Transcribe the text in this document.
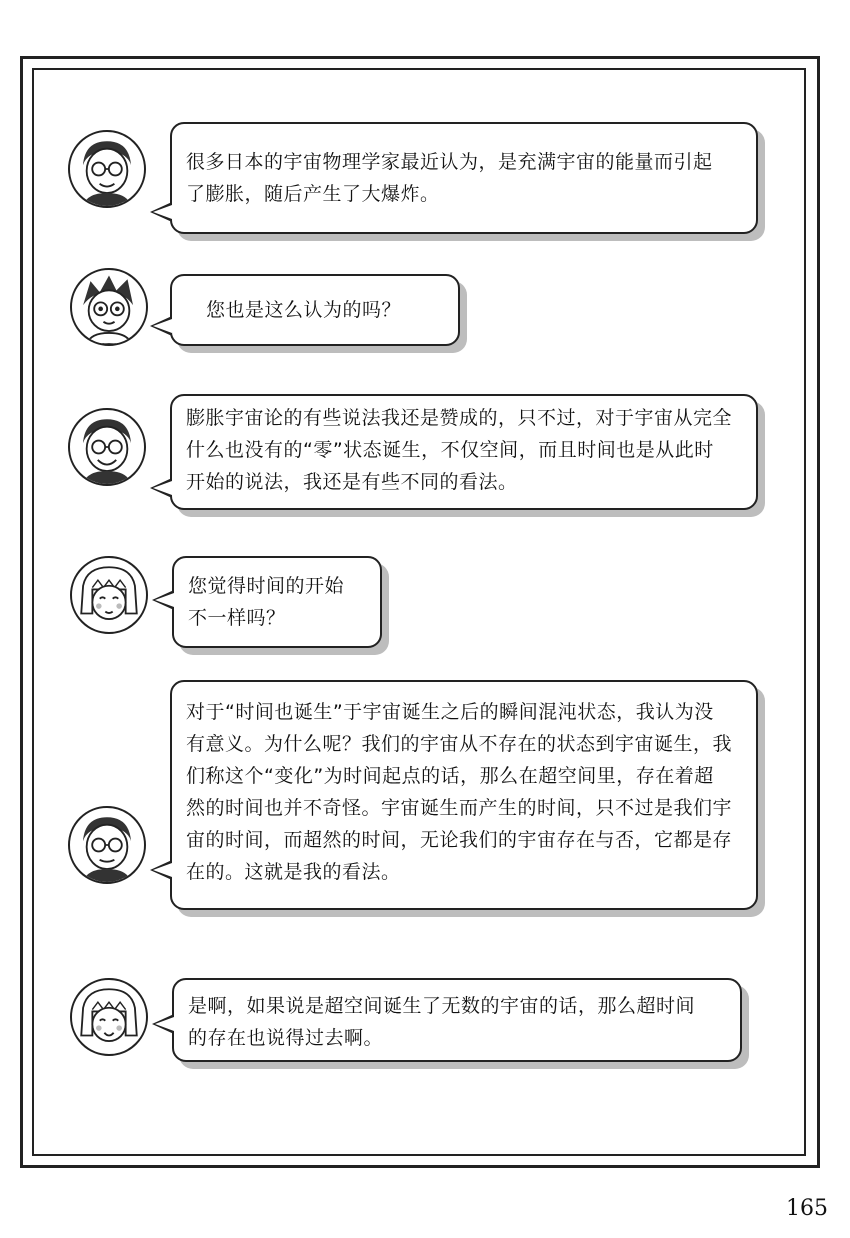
很多日本的宇宙物理学家最近认为，是充满宇宙的能量而引起

了膨胀，随后产生了大爆炸。

您也是这么认为的吗？

膨胀宇宙论的有些说法我还是赞成的，只不过，对于宇宙从完全

什么也没有的“零”状态诞生，不仅空间，而且时间也是从此时

开始的说法，我还是有些不同的看法。

您觉得时间的开始

不一样吗？

对于“时间也诞生”于宇宙诞生之后的瞬间混沌状态，我认为没

有意义。为什么呢？我们的宇宙从不存在的状态到宇宙诞生，我

们称这个“变化”为时间起点的话，那么在超空间里，存在着超

然的时间也并不奇怪。宇宙诞生而产生的时间，只不过是我们宇

宙的时间，而超然的时间，无论我们的宇宙存在与否，它都是存

在的。这就是我的看法。

是啊，如果说是超空间诞生了无数的宇宙的话，那么超时间

的存在也说得过去啊。

165
